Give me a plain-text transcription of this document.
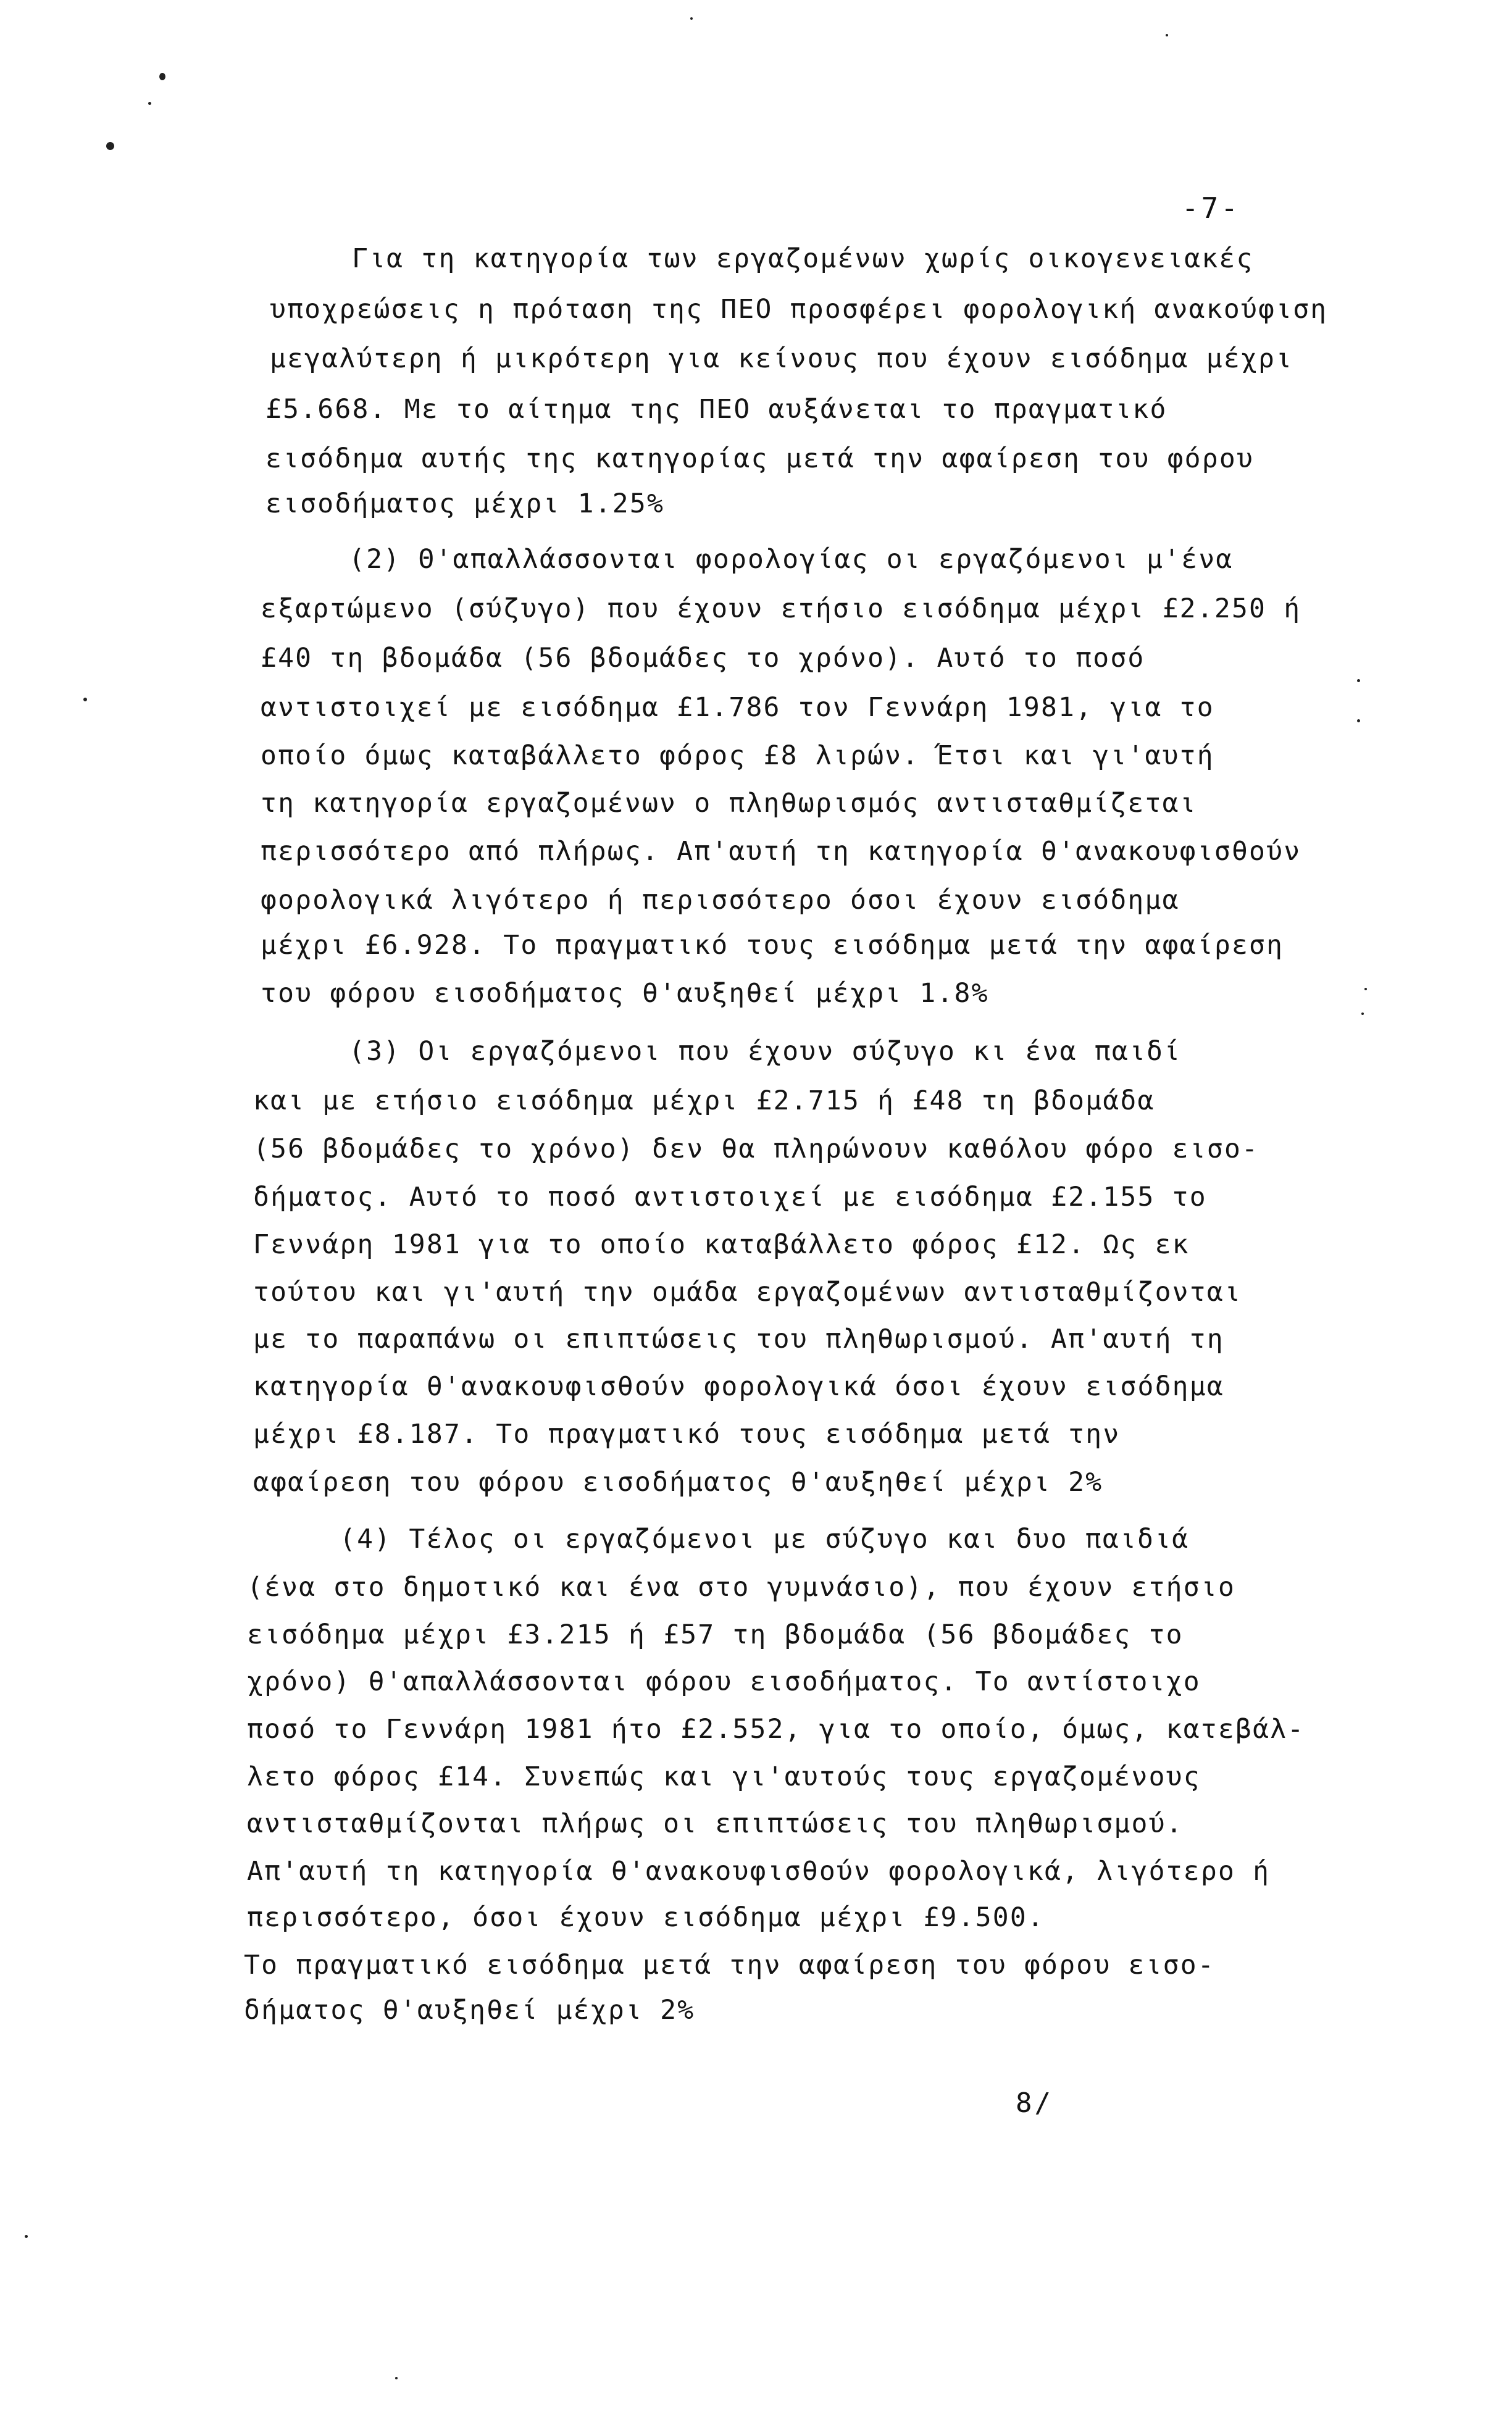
-7-
Για τη κατηγορία των εργαζομένων χωρίς οικογενειακές
υποχρεώσεις η πρόταση της ΠΕΟ προσφέρει φορολογική ανακούφιση
μεγαλύτερη ή μικρότερη για κείνους που έχουν εισόδημα μέχρι
£5.668. Με το αίτημα της ΠΕΟ αυξάνεται το πραγματικό
εισόδημα αυτής της κατηγορίας μετά την αφαίρεση του φόρου
εισοδήματος μέχρι 1.25%
(2) Θ'απαλλάσσονται φορολογίας οι εργαζόμενοι μ'ένα
εξαρτώμενο (σύζυγο) που έχουν ετήσιο εισόδημα μέχρι £2.250 ή
£40 τη βδομάδα (56 βδομάδες το χρόνο). Αυτό το ποσό
αντιστοιχεί με εισόδημα £1.786 τον Γεννάρη 1981, για το
οποίο όμως καταβάλλετο φόρος £8 λιρών. Έτσι και γι'αυτή
τη κατηγορία εργαζομένων ο πληθωρισμός αντισταθμίζεται
περισσότερο από πλήρως. Απ'αυτή τη κατηγορία θ'ανακουφισθούν
φορολογικά λιγότερο ή περισσότερο όσοι έχουν εισόδημα
μέχρι £6.928. Το πραγματικό τους εισόδημα μετά την αφαίρεση
του φόρου εισοδήματος θ'αυξηθεί μέχρι 1.8%
(3) Οι εργαζόμενοι που έχουν σύζυγο κι ένα παιδί
και με ετήσιο εισόδημα μέχρι £2.715 ή £48 τη βδομάδα
(56 βδομάδες το χρόνο) δεν θα πληρώνουν καθόλου φόρο εισο-
δήματος. Αυτό το ποσό αντιστοιχεί με εισόδημα £2.155 το
Γεννάρη 1981 για το οποίο καταβάλλετο φόρος £12. Ως εκ
τούτου και γι'αυτή την ομάδα εργαζομένων αντισταθμίζονται
με το παραπάνω οι επιπτώσεις του πληθωρισμού. Απ'αυτή τη
κατηγορία θ'ανακουφισθούν φορολογικά όσοι έχουν εισόδημα
μέχρι £8.187. Το πραγματικό τους εισόδημα μετά την
αφαίρεση του φόρου εισοδήματος θ'αυξηθεί μέχρι 2%
(4) Τέλος οι εργαζόμενοι με σύζυγο και δυο παιδιά
(ένα στο δημοτικό και ένα στο γυμνάσιο), που έχουν ετήσιο
εισόδημα μέχρι £3.215 ή £57 τη βδομάδα (56 βδομάδες το
χρόνο) θ'απαλλάσσονται φόρου εισοδήματος. Το αντίστοιχο
ποσό το Γεννάρη 1981 ήτο £2.552, για το οποίο, όμως, κατεβάλ-
λετο φόρος £14. Συνεπώς και γι'αυτούς τους εργαζομένους
αντισταθμίζονται πλήρως οι επιπτώσεις του πληθωρισμού.
Απ'αυτή τη κατηγορία θ'ανακουφισθούν φορολογικά, λιγότερο ή
περισσότερο, όσοι έχουν εισόδημα μέχρι £9.500.
Το πραγματικό εισόδημα μετά την αφαίρεση του φόρου εισο-
δήματος θ'αυξηθεί μέχρι 2%
8/
